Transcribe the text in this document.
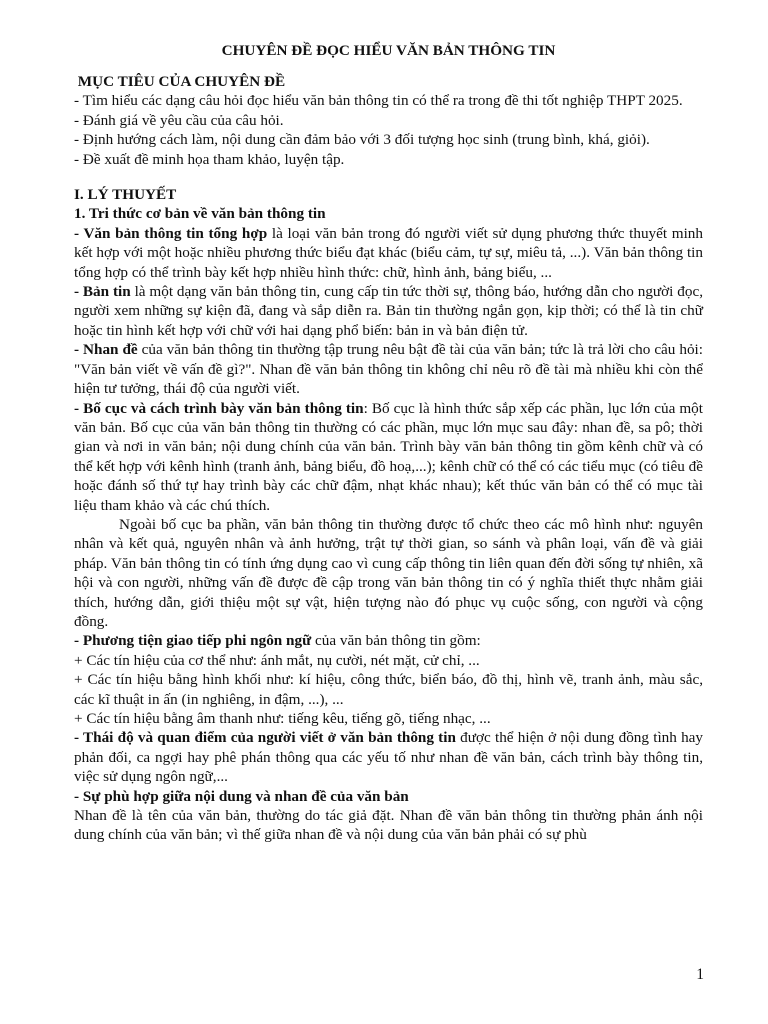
CHUYÊN ĐỀ ĐỌC HIỂU VĂN BẢN THÔNG TIN

MỤC TIÊU CỦA CHUYÊN ĐỀ

- Tìm hiểu các dạng câu hỏi đọc hiểu văn bản thông tin có thể ra trong đề thi tốt nghiệp THPT 2025.

- Đánh giá về yêu cầu của câu hỏi.

- Định hướng cách làm, nội dung cần đảm bảo với 3 đối tượng học sinh (trung bình, khá, giỏi).

- Đề xuất đề minh họa tham khảo, luyện tập.

I. LÝ THUYẾT

1. Tri thức cơ bản về văn bản thông tin

- Văn bản thông tin tổng hợp là loại văn bản trong đó người viết sử dụng phương thức thuyết minh kết hợp với một hoặc nhiều phương thức biểu đạt khác (biểu cảm, tự sự, miêu tả, ...). Văn bản thông tin tổng hợp có thể trình bày kết hợp nhiều hình thức: chữ, hình ảnh, bảng biểu, ...

- Bản tin là một dạng văn bản thông tin, cung cấp tin tức thời sự, thông báo, hướng dẫn cho người đọc, người xem những sự kiện đã, đang và sắp diễn ra. Bản tin thường ngắn gọn, kịp thời; có thể là tin chữ hoặc tin hình kết hợp với chữ với hai dạng phổ biến: bản in và bản điện tử.

- Nhan đề của văn bản thông tin thường tập trung nêu bật đề tài của văn bản; tức là trả lời cho câu hỏi: "Văn bản viết về vấn đề gì?". Nhan đề văn bản thông tin không chỉ nêu rõ đề tài mà nhiều khi còn thể hiện tư tưởng, thái độ của người viết.

- Bố cục và cách trình bày văn bản thông tin: Bố cục là hình thức sắp xếp các phần, lục lớn của một văn bản. Bố cục của văn bản thông tin thường có các phần, mục lớn mục sau đây: nhan đề, sa pô; thời gian và nơi in văn bản; nội dung chính của văn bản. Trình bày văn bản thông tin gồm kênh chữ và có thể kết hợp với kênh hình (tranh ảnh, bảng biểu, đồ hoạ,...); kênh chữ có thể có các tiểu mục (có tiêu đề hoặc đánh số thứ tự hay trình bày các chữ đậm, nhạt khác nhau); kết thúc văn bản có thể có mục tài liệu tham khảo và các chú thích.

Ngoài bố cục ba phần, văn bản thông tin thường được tổ chức theo các mô hình như: nguyên nhân và kết quả, nguyên nhân và ảnh hưởng, trật tự thời gian, so sánh và phân loại, vấn đề và giải pháp. Văn bản thông tin có tính ứng dụng cao vì cung cấp thông tin liên quan đến đời sống tự nhiên, xã hội và con người, những vấn đề được đề cập trong văn bản thông tin có ý nghĩa thiết thực nhằm giải thích, hướng dẫn, giới thiệu một sự vật, hiện tượng nào đó phục vụ cuộc sống, con người và cộng đồng.

- Phương tiện giao tiếp phi ngôn ngữ của văn bản thông tin gồm:

+ Các tín hiệu của cơ thể như: ánh mắt, nụ cười, nét mặt, cử chỉ, ...

+ Các tín hiệu bằng hình khối như: kí hiệu, công thức, biển báo, đồ thị, hình vẽ, tranh ảnh, màu sắc, các kĩ thuật in ấn (in nghiêng, in đậm, ...), ...

+ Các tín hiệu bằng âm thanh như: tiếng kêu, tiếng gõ, tiếng nhạc, ...

- Thái độ và quan điểm của người viết ở văn bản thông tin được thể hiện ở nội dung đồng tình hay phản đối, ca ngợi hay phê phán thông qua các yếu tố như nhan đề văn bản, cách trình bày thông tin, việc sử dụng ngôn ngữ,...

- Sự phù hợp giữa nội dung và nhan đề của văn bản

Nhan đề là tên của văn bản, thường do tác giả đặt. Nhan đề văn bản thông tin thường phản ánh nội dung chính của văn bản; vì thế giữa nhan đề và nội dung của văn bản phải có sự phù

1
